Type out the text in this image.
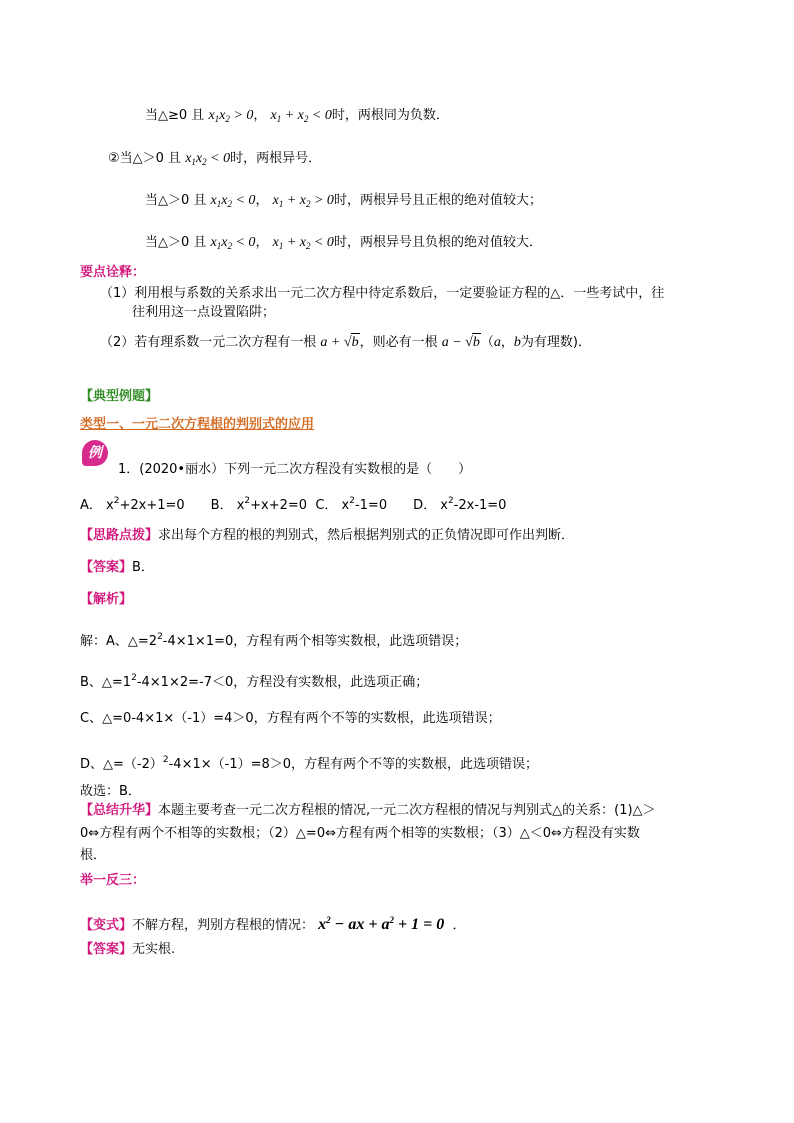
当△≥0 且 $x_1x_2 > 0$， $x_1 + x_2 < 0$时，两根同为负数．
②当△＞0 且 $x_1x_2 < 0$时，两根异号．
当△＞0 且 $x_1x_2 < 0$， $x_1 + x_2 > 0$时，两根异号且正根的绝对值较大；
当△＞0 且 $x_1x_2 < 0$， $x_1 + x_2 < 0$时，两根异号且负根的绝对值较大．
要点诠释：
（1）利用根与系数的关系求出一元二次方程中待定系数后，一定要验证方程的△．一些考试中，往
往利用这一点设置陷阱；
（2）若有理系数一元二次方程有一根 a + √b，则必有一根 a − √b（a，b为有理数)．
【典型例题】
类型一、一元二次方程根的判别式的应用
例
1．(2020•丽水）下列一元二次方程没有实数根的是（　　）
A． $x^2+2x+1=0$　　B． $x^2+x+2=0$  C． $x^2-1=0$　　D． $x^2-2x-1=0$
【思路点拨】求出每个方程的根的判别式，然后根据判别式的正负情况即可作出判断．
【答案】B．
【解析】
解：A、$\triangle=2^2-4\times 1\times 1=0$，方程有两个相等实数根，此选项错误；
B、$\triangle=1^2-4\times 1\times 2=-7<0$，方程没有实数根，此选项正确；
C、△=0-4×1×（-1）=4＞0，方程有两个不等的实数根，此选项错误；
D、$\triangle=(-2)^2-4\times 1\times(-1)=8>0$，方程有两个不等的实数根，此选项错误；
故选：B．
【总结升华】本题主要考查一元二次方程根的情况,一元二次方程根的情况与判别式△的关系：(1)△＞
0⇔方程有两个不相等的实数根；（2）△=0⇔方程有两个相等的实数根；（3）△＜0⇔方程没有实数
根．
举一反三：
【变式】不解方程，判别方程根的情况： $x^2$ − ax + $a^2 + 1 = 0$ ．
【答案】无实根.
